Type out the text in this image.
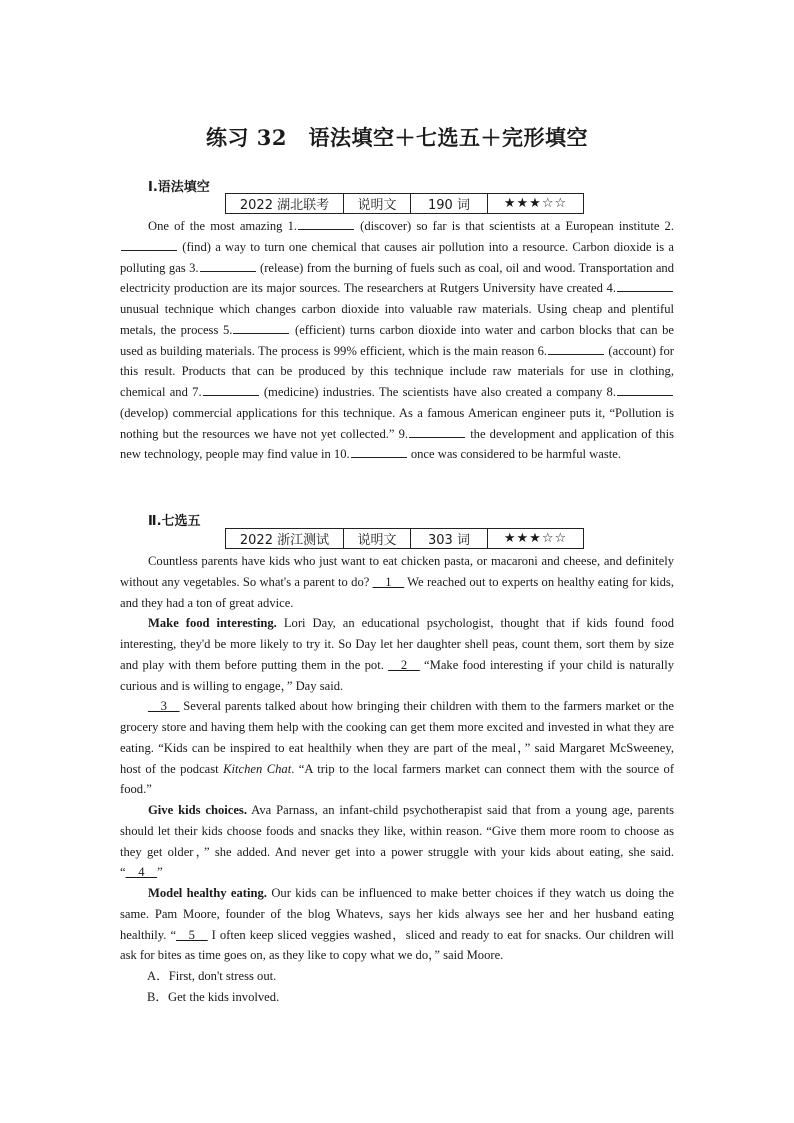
练习 32　语法填空＋七选五＋完形填空
Ⅰ.语法填空
2022 湖北联考	说明文	190 词	★★★☆☆

One of the most amazing 1.	(discover) so far is that scientists at a European institute 2. (find) a way to turn one chemical that causes air pollution into a resource. Carbon dioxide is a polluting gas 3.	(release) from the burning of fuels such as coal, oil and wood. Transportation and electricity production are its major sources. The researchers at Rutgers University have created 4. unusual technique which changes carbon dioxide into valuable raw materials. Using cheap and plentiful metals, the process 5.	(efficient) turns carbon dioxide into water and carbon blocks that can be used as building materials. The process is 99% efficient, which is the main reason 6.	(account) for this result. Products that can be produced by this technique include raw materials for use in clothing, chemical and 7.	(medicine) industries. The scientists have also created a company 8. (develop) commercial applications for this technique. As a famous American engineer puts it, “Pollution is nothing but the resources we have not yet collected.” 9.	the development and application of this new technology, people may find value in 10.	once was considered to be harmful waste.

Ⅱ.七选五
2022 浙江测试	说明文	303 词	★★★☆☆

Countless parents have kids who just want to eat chicken pasta, or macaroni and cheese, and definitely without any vegetables. So what's a parent to do? __1__ We reached out to experts on healthy eating for kids, and they had a ton of great advice.

Make food interesting. Lori Day, an educational psychologist, thought that if kids found food interesting, they'd be more likely to try it. So Day let her daughter shell peas, count them, sort them by size and play with them before putting them in the pot. __2__ “Make food interesting if your child is naturally curious and is willing to engage，” Day said.

__3__ Several parents talked about how bringing their children with them to the farmers market or the grocery store and having them help with the cooking can get them more excited and invested in what they are eating. “Kids can be inspired to eat healthily when they are part of the meal，” said Margaret McSweeney, host of the podcast Kitchen Chat. “A trip to the local farmers market can connect them with the source of food.”

Give kids choices. Ava Parnass, an infant-child psychotherapist said that from a young age, parents should let their kids choose foods and snacks they like, within reason. “Give them more room to choose as they get older，” she added. And never get into a power struggle with your kids about eating, she said. “__4__”

Model healthy eating. Our kids can be influenced to make better choices if they watch us doing the same. Pam Moore, founder of the blog Whatevs, says her kids always see her and her husband eating healthily. “__5__ I often keep sliced veggies washed，sliced and ready to eat for snacks. Our children will ask for bites as time goes on, as they like to copy what we do，” said Moore.

A．First, don't stress out.

B．Get the kids involved.
